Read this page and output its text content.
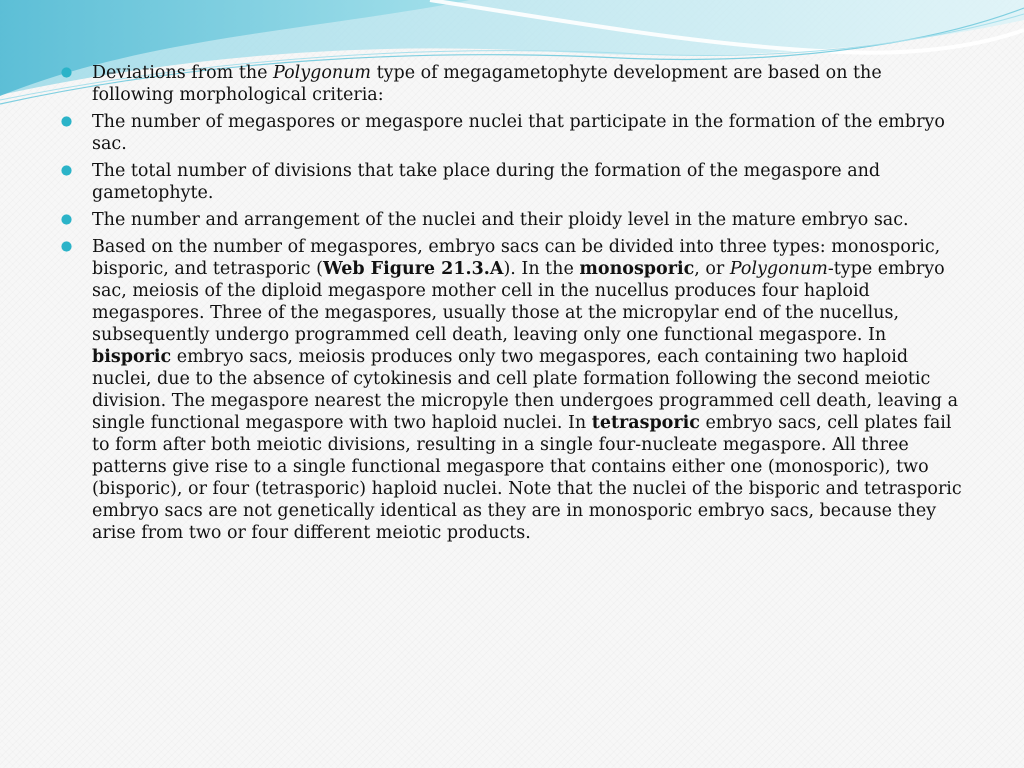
Deviations from the Polygonum type of megagametophyte development are based on the following morphological criteria:
The number of megaspores or megaspore nuclei that participate in the formation of the embryo sac.
The total number of divisions that take place during the formation of the megaspore and gametophyte.
The number and arrangement of the nuclei and their ploidy level in the mature embryo sac.
Based on the number of megaspores, embryo sacs can be divided into three types: monosporic, bisporic, and tetrasporic (Web Figure 21.3.A). In the monosporic, or Polygonum-type embryo sac, meiosis of the diploid megaspore mother cell in the nucellus produces four haploid megaspores. Three of the megaspores, usually those at the micropylar end of the nucellus, subsequently undergo programmed cell death, leaving only one functional megaspore. In bisporic embryo sacs, meiosis produces only two megaspores, each containing two haploid nuclei, due to the absence of cytokinesis and cell plate formation following the second meiotic division. The megaspore nearest the micropyle then undergoes programmed cell death, leaving a single functional megaspore with two haploid nuclei. In tetrasporic embryo sacs, cell plates fail to form after both meiotic divisions, resulting in a single four-nucleate megaspore. All three patterns give rise to a single functional megaspore that contains either one (monosporic), two (bisporic), or four (tetrasporic) haploid nuclei. Note that the nuclei of the bisporic and tetrasporic embryo sacs are not genetically identical as they are in monosporic embryo sacs, because they arise from two or four different meiotic products.
